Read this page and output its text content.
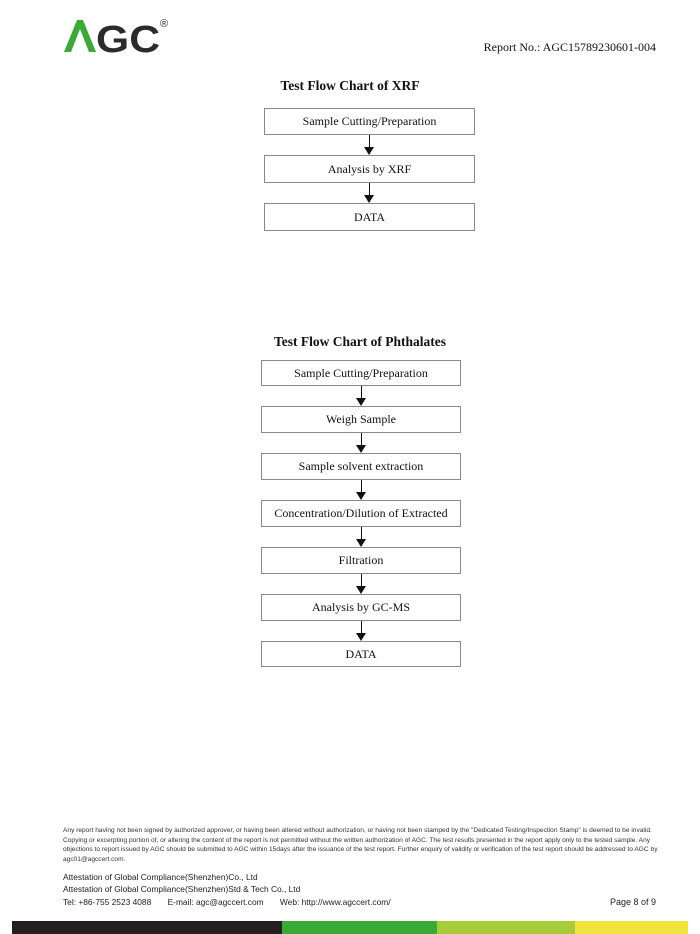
GC ®
Report No.: AGC15789230601-004
Test Flow Chart of XRF
Sample Cutting/Preparation
Analysis by XRF
DATA
Test Flow Chart of Phthalates
Sample Cutting/Preparation
Weigh Sample
Sample solvent extraction
Concentration/Dilution of Extracted
Filtration
Analysis by GC-MS
DATA
Any report having not been signed by authorized approver, or having been altered without authorization, or having not been stamped by the "Dedicated Testing/Inspection Stamp" is deemed to be invalid. Copying or excerpting portion of, or altering the content of the report is not permitted without the written authorization of AGC. The test results presented in the report apply only to the tested sample. Any objections to report issued by AGC should be submitted to AGC within 15days after the issuance of the test report. Further enquiry of validity or verification of the test report should be addressed to AGC by agc01@agccert.com.
Attestation of Global Compliance(Shenzhen)Co., Ltd
Attestation of Global Compliance(Shenzhen)Std & Tech Co., Ltd
Tel: +86-755 2523 4088 E-mail: agc@agccert.com Web: http://www.agccert.com/	Page 8 of 9
